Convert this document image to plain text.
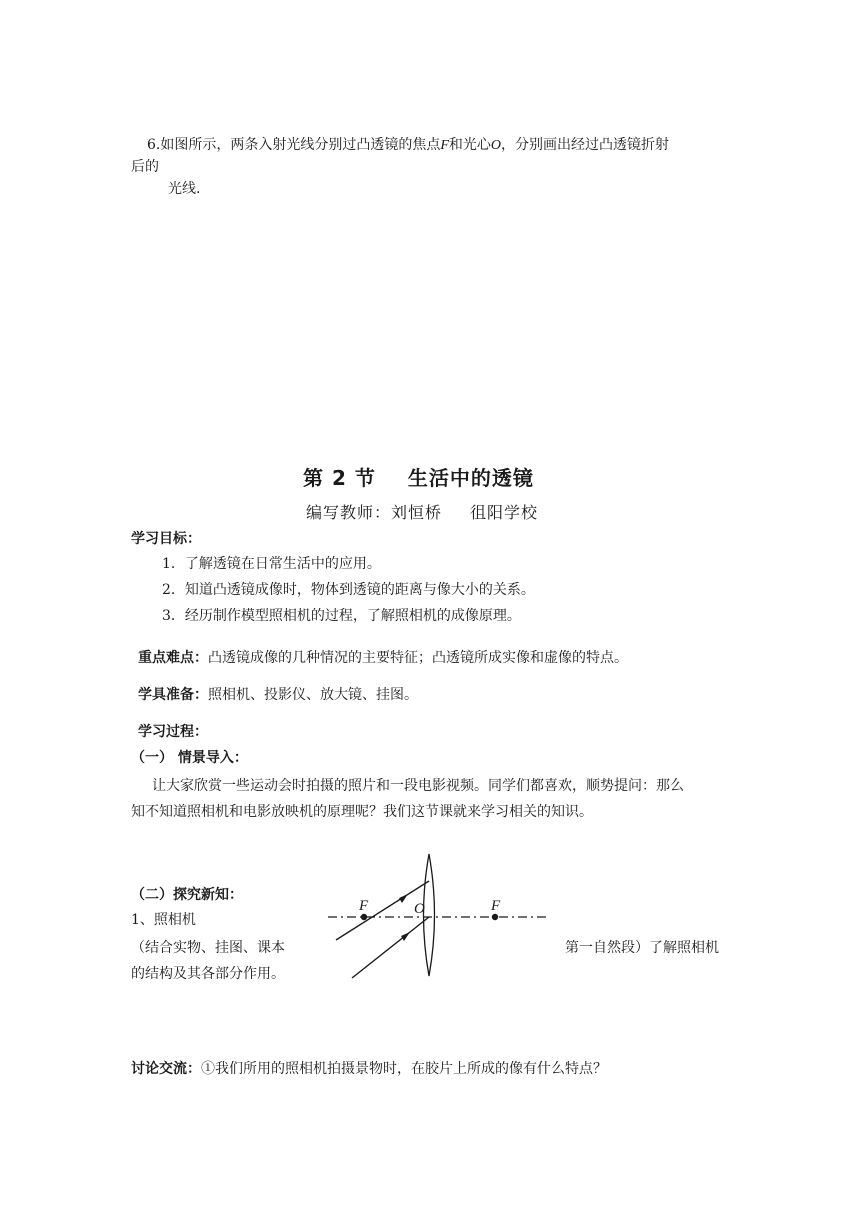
6.如图所示，两条入射光线分别过凸透镜的焦点F和光心O，分别画出经过凸透镜折射
后的
光线.
第 2 节 生活中的透镜
编写教师：刘恒桥 徂阳学校
学习目标：
1．了解透镜在日常生活中的应用。
2．知道凸透镜成像时，物体到透镜的距离与像大小的关系。
3．经历制作模型照相机的过程，了解照相机的成像原理。
重点难点：凸透镜成像的几种情况的主要特征；凸透镜所成实像和虚像的特点。
学具准备：照相机、投影仪、放大镜、挂图。
学习过程：
（一） 情景导入：
让大家欣赏一些运动会时拍摄的照片和一段电影视频。同学们都喜欢，顺势提问：那么
知不知道照相机和电影放映机的原理呢？我们这节课就来学习相关的知识。
（二）探究新知：
1、照相机
（结合实物、挂图、课本	第一自然段）了解照相机
的结构及其各部分作用。
F	O	F
讨论交流：①我们所用的照相机拍摄景物时，在胶片上所成的像有什么特点？
